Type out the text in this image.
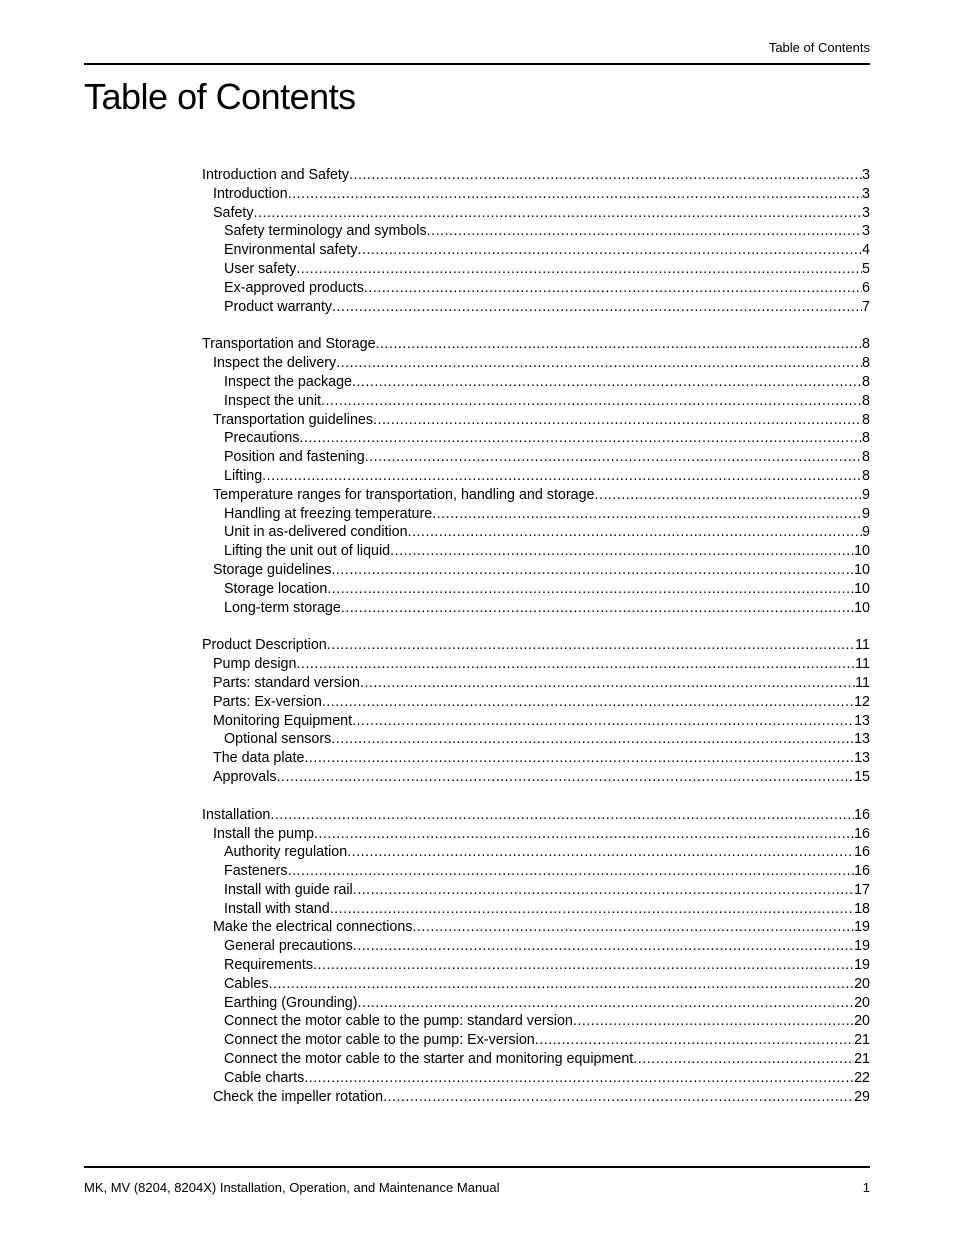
Table of Contents
Table of Contents
Introduction and Safety .....	3
Introduction .....	3
Safety .....	3
Safety terminology and symbols .....	3
Environmental safety .....	4
User safety .....	5
Ex-approved products .....	6
Product warranty .....	7
Transportation and Storage .....	8
Inspect the delivery .....	8
Inspect the package .....	8
Inspect the unit .....	8
Transportation guidelines .....	8
Precautions .....	8
Position and fastening .....	8
Lifting .....	8
Temperature ranges for transportation, handling and storage .....	9
Handling at freezing temperature .....	9
Unit in as-delivered condition .....	9
Lifting the unit out of liquid .....	10
Storage guidelines .....	10
Storage location .....	10
Long-term storage .....	10
Product Description .....	11
Pump design .....	11
Parts: standard version .....	11
Parts: Ex-version .....	12
Monitoring Equipment .....	13
Optional sensors .....	13
The data plate .....	13
Approvals .....	15
Installation .....	16
Install the pump .....	16
Authority regulation .....	16
Fasteners .....	16
Install with guide rail .....	17
Install with stand .....	18
Make the electrical connections .....	19
General precautions .....	19
Requirements .....	19
Cables .....	20
Earthing (Grounding) .....	20
Connect the motor cable to the pump: standard version .....	20
Connect the motor cable to the pump: Ex-version .....	21
Connect the motor cable to the starter and monitoring equipment .....	21
Cable charts .....	22
Check the impeller rotation .....	29
MK, MV (8204, 8204X) Installation, Operation, and Maintenance Manual	1
